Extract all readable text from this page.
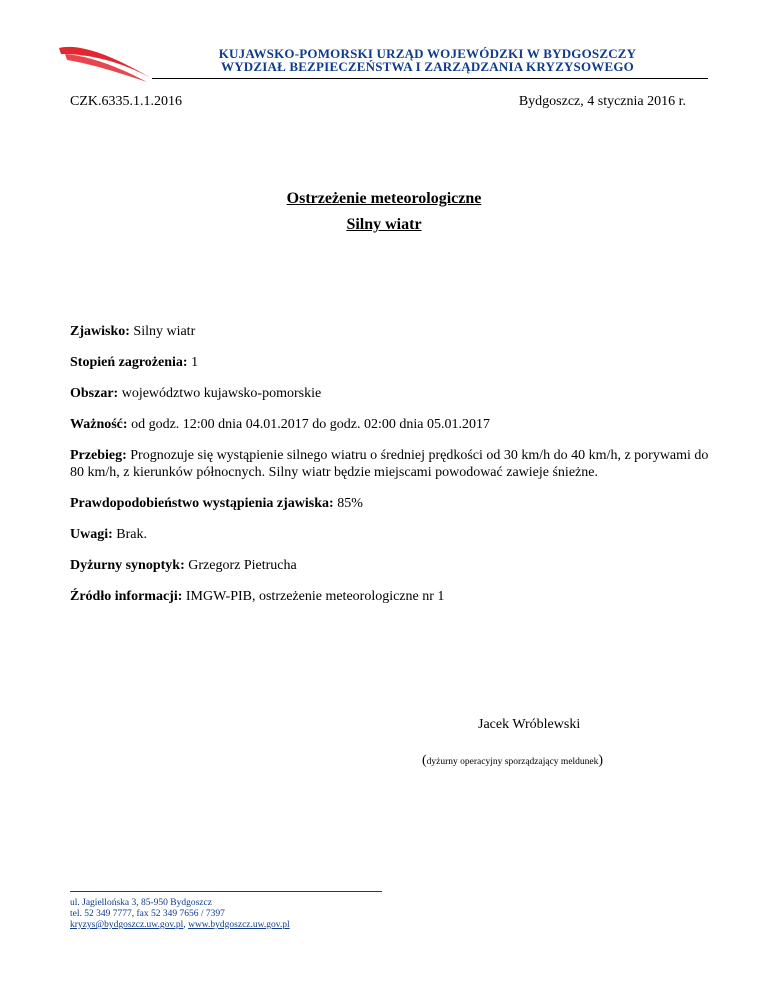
KUJAWSKO-POMORSKI URZĄD WOJEWÓDZKI W BYDGOSZCZY
WYDZIAŁ BEZPIECZEŃSTWA I ZARZĄDZANIA KRYZYSOWEGO
CZK.6335.1.1.2016	Bydgoszcz, 4 stycznia 2016 r.
Ostrzeżenie meteorologiczne
Silny wiatr
Zjawisko: Silny wiatr
Stopień zagrożenia: 1
Obszar: województwo kujawsko-pomorskie
Ważność: od godz. 12:00 dnia 04.01.2017 do godz. 02:00 dnia 05.01.2017
Przebieg: Prognozuje się wystąpienie silnego wiatru o średniej prędkości od 30 km/h do 40 km/h, z porywami do 80 km/h, z kierunków północnych. Silny wiatr będzie miejscami powodować zawieje śnieżne.
Prawdopodobieństwo wystąpienia zjawiska: 85%
Uwagi: Brak.
Dyżurny synoptyk: Grzegorz Pietrucha
Źródło informacji: IMGW-PIB, ostrzeżenie meteorologiczne nr 1
Jacek Wróblewski
(dyżurny operacyjny sporządzający meldunek)
ul. Jagiellońska 3, 85-950 Bydgoszcz
tel. 52 349 7777, fax 52 349 7656 / 7397
kryzys@bydgoszcz.uw.gov.pl, www.bydgoszcz.uw.gov.pl
